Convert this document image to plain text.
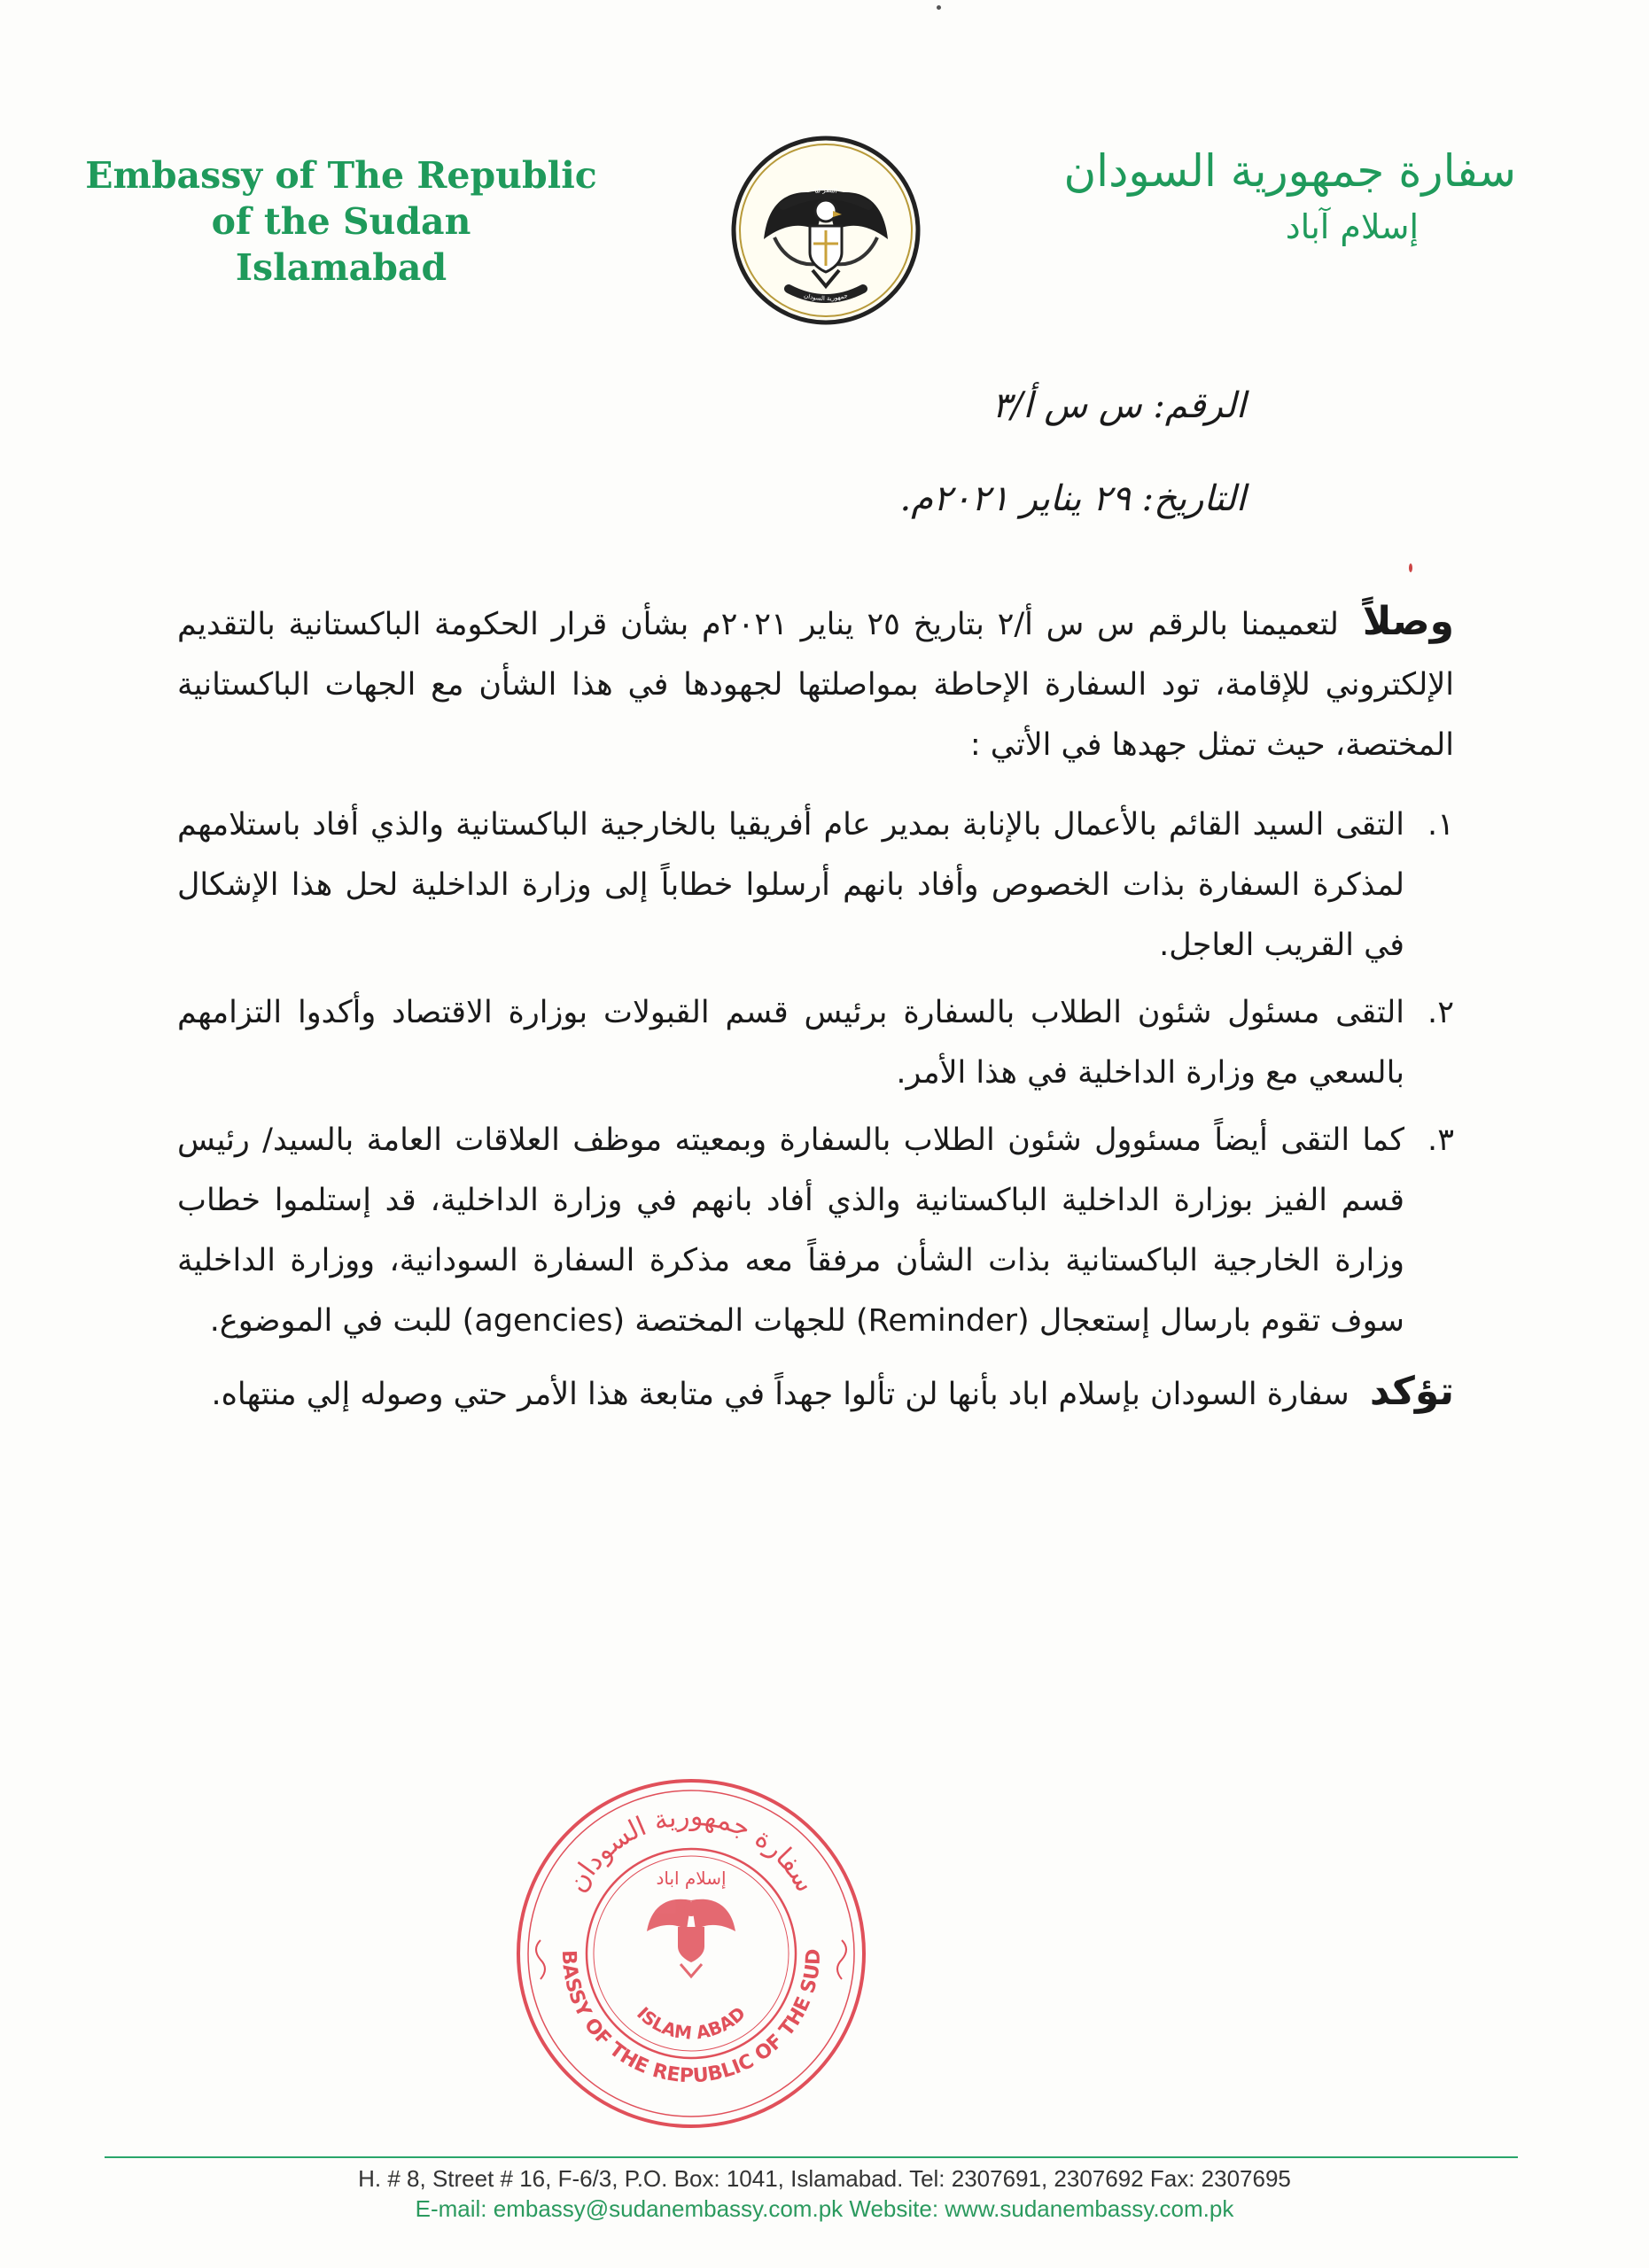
Embassy of The Republic
of the Sudan
Islamabad
النصر لنا
جمهورية السودان
سفارة جمهورية السودان
إسلام آباد
الرقم: س س أ/٣
التاريخ: ٢٩ يناير ٢٠٢١م.

وصلاً لتعميمنا بالرقم س س أ/٢ بتاريخ ٢٥ يناير ٢٠٢١م بشأن قرار الحكومة الباكستانية بالتقديم الإلكتروني للإقامة، تود السفارة الإحاطة بمواصلتها لجهودها في هذا الشأن مع الجهات الباكستانية المختصة، حيث تمثل جهدها في الأتي :

١.
التقى السيد القائم بالأعمال بالإنابة بمدير عام أفريقيا بالخارجية الباكستانية والذي أفاد باستلامهم لمذكرة السفارة بذات الخصوص وأفاد بانهم أرسلوا خطاباً إلى وزارة الداخلية لحل هذا الإشكال في القريب العاجل.
٢.
التقى مسئول شئون الطلاب بالسفارة برئيس قسم القبولات بوزارة الاقتصاد وأكدوا التزامهم بالسعي مع وزارة الداخلية في هذا الأمر.
٣.
كما التقى أيضاً مسئوول شئون الطلاب بالسفارة وبمعيته موظف العلاقات العامة بالسيد/ رئيس قسم الفيز بوزارة الداخلية الباكستانية والذي أفاد بانهم في وزارة الداخلية، قد إستلموا خطاب وزارة الخارجية الباكستانية بذات الشأن مرفقاً معه مذكرة السفارة السودانية، ووزارة الداخلية سوف تقوم بارسال إستعجال (Reminder) للجهات المختصة (agencies) للبت في الموضوع.

تؤكد سفارة السودان بإسلام اباد بأنها لن تألوا جهداً في متابعة هذا الأمر حتي وصوله إلي منتهاه.

BASSY OF THE REPUBLIC OF THE SUD
ISLAM ABAD
سفارة جمهورية السودان
إسلام اباد
H. # 8, Street # 16, F-6/3, P.O. Box: 1041, Islamabad. Tel: 2307691, 2307692 Fax: 2307695
E-mail: embassy@sudanembassy.com.pk Website: www.sudanembassy.com.pk
